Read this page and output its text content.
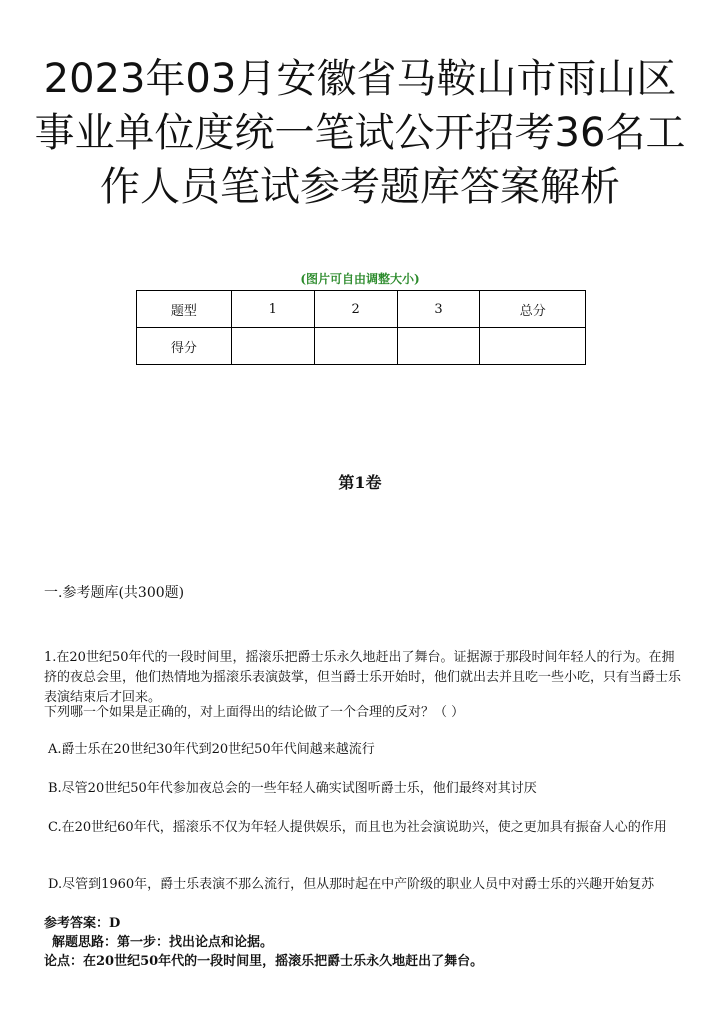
2023年03月安徽省马鞍山市雨山区事业单位度统一笔试公开招考36名工作人员笔试参考题库答案解析
(图片可自由调整大小)
题型	1	2	3	总分
得分				
第1卷
一.参考题库(共300题)

1.在20世纪50年代的一段时间里，摇滚乐把爵士乐永久地赶出了舞台。证据源于那段时间年轻人的行为。在拥挤的夜总会里，他们热情地为摇滚乐表演鼓掌，但当爵士乐开始时，他们就出去并且吃一些小吃，只有当爵士乐表演结束后才回来。

下列哪一个如果是正确的，对上面得出的结论做了一个合理的反对？（ ）

A.爵士乐在20世纪30年代到20世纪50年代间越来越流行
B.尽管20世纪50年代参加夜总会的一些年轻人确实试图听爵士乐，他们最终对其讨厌
C.在20世纪60年代，摇滚乐不仅为年轻人提供娱乐，而且也为社会演说助兴，使之更加具有振奋人心的作用
D.尽管到1960年，爵士乐表演不那么流行，但从那时起在中产阶级的职业人员中对爵士乐的兴趣开始复苏
参考答案：D
解题思路：第一步：找出论点和论据。
论点：在20世纪50年代的一段时间里，摇滚乐把爵士乐永久地赶出了舞台。
